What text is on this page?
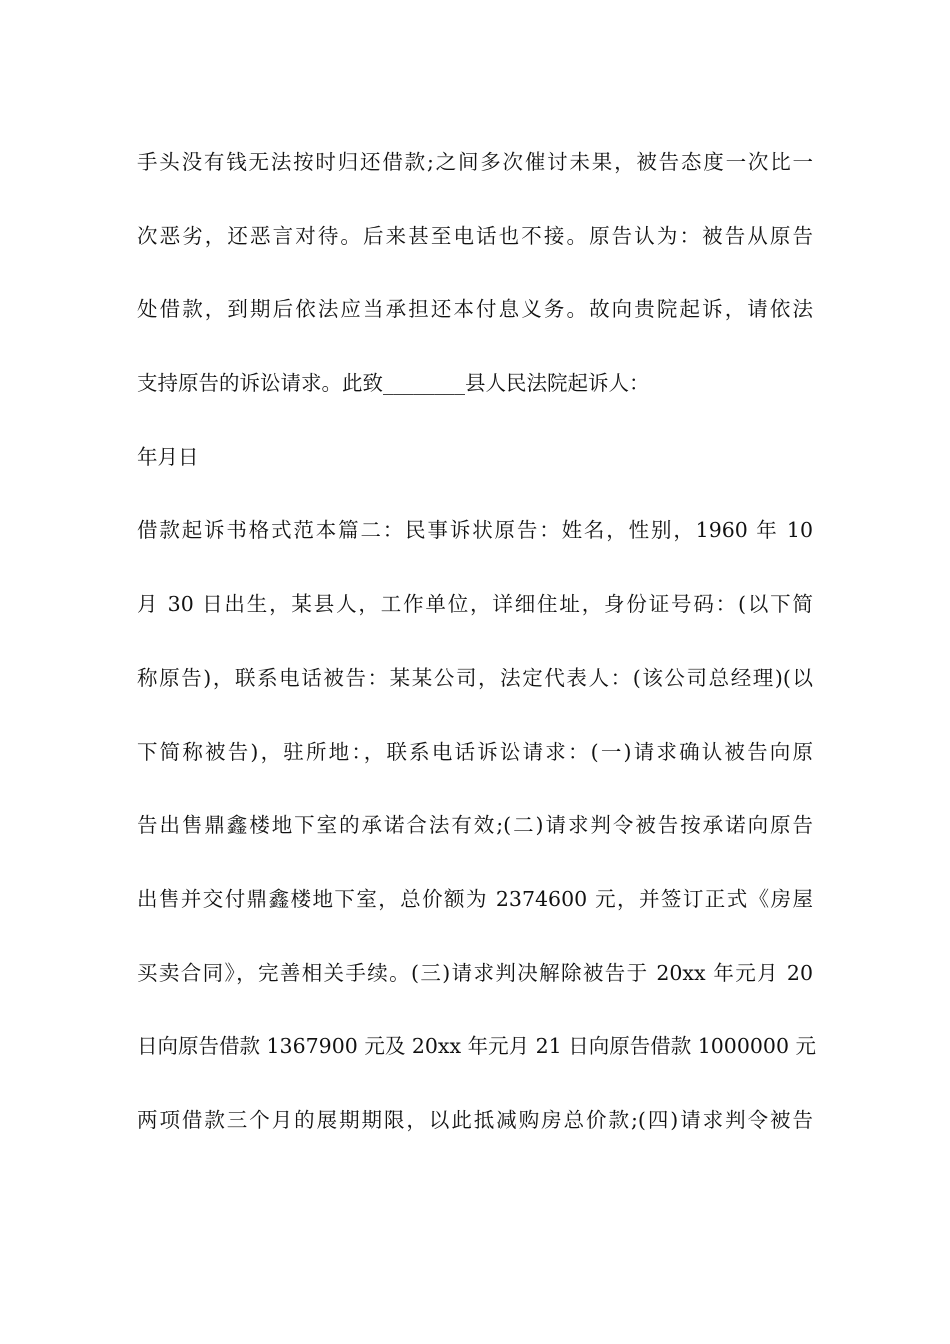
手头没有钱无法按时归还借款;之间多次催讨未果，被告态度一次比一
次恶劣，还恶言对待。后来甚至电话也不接。原告认为：被告从原告
处借款，到期后依法应当承担还本付息义务。故向贵院起诉，请依法
支持原告的诉讼请求。此致________县人民法院起诉人：
年月日
借款起诉书格式范本篇二：民事诉状原告：姓名，性别，1960 年 10
月 30 日出生，某县人，工作单位，详细住址，身份证号码：(以下简
称原告)，联系电话被告：某某公司，法定代表人：(该公司总经理)(以
下简称被告)，驻所地：，联系电话诉讼请求：(一)请求确认被告向原
告出售鼎鑫楼地下室的承诺合法有效;(二)请求判令被告按承诺向原告
出售并交付鼎鑫楼地下室，总价额为 2374600 元，并签订正式《房屋
买卖合同》，完善相关手续。(三)请求判决解除被告于 20xx 年元月 20
日向原告借款 1367900 元及 20xx 年元月 21 日向原告借款 1000000 元
两项借款三个月的展期期限，以此抵减购房总价款;(四)请求判令被告
